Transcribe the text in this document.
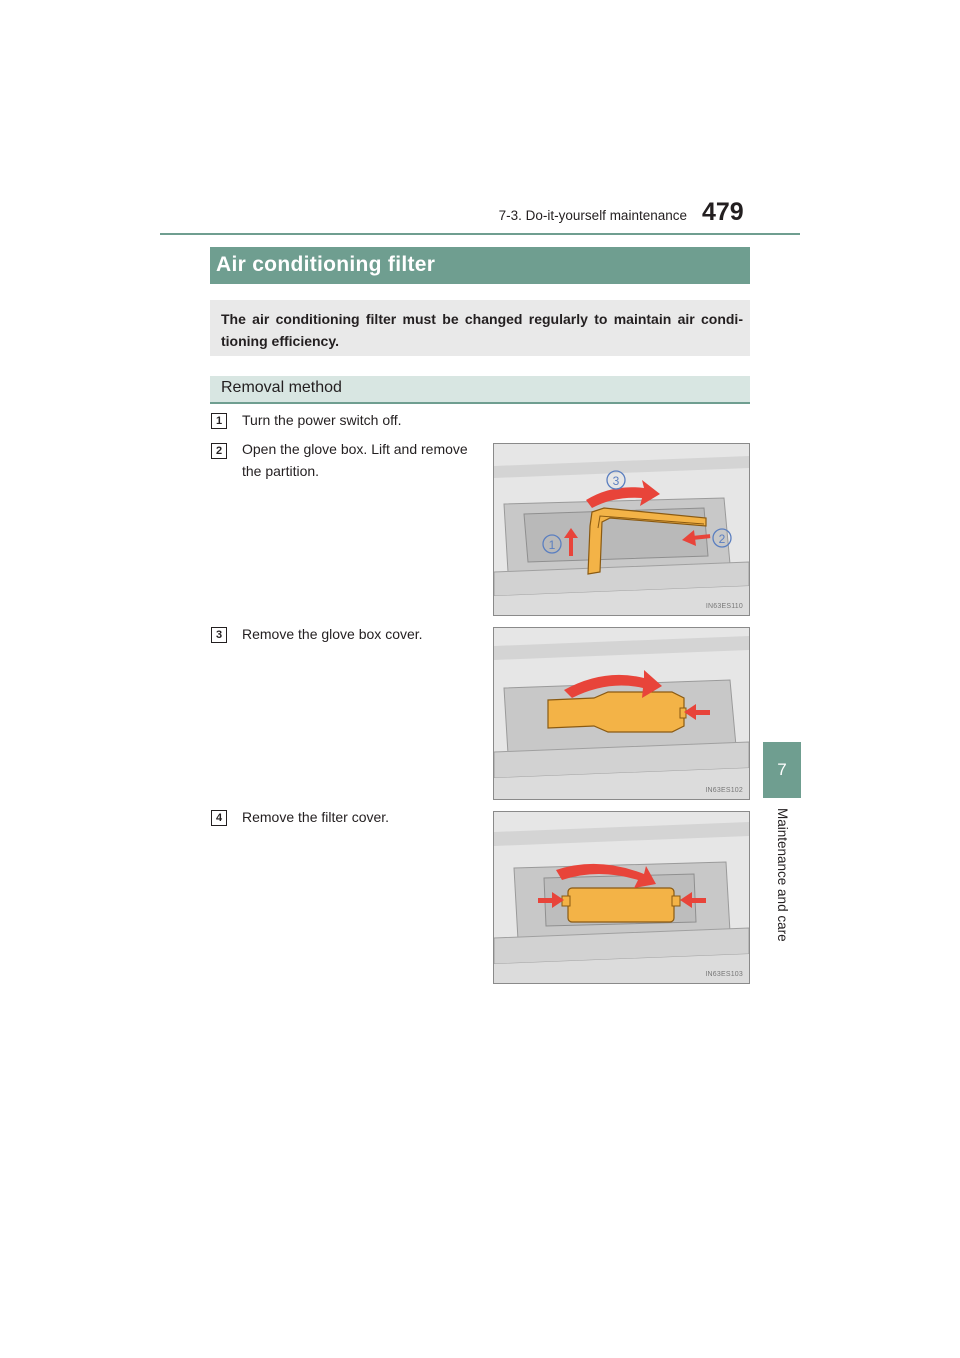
7-3. Do-it-yourself maintenance 479
7
Maintenance and care
Air conditioning filter

The air conditioning filter must be changed regularly to maintain air condi-tioning efficiency.

Removal method
1	Turn the power switch off.
2	Open the glove box. Lift and remove the partition.
3
1	2
IN63ES110
3	Remove the glove box cover.
IN63ES102
4	Remove the filter cover.
IN63ES103
